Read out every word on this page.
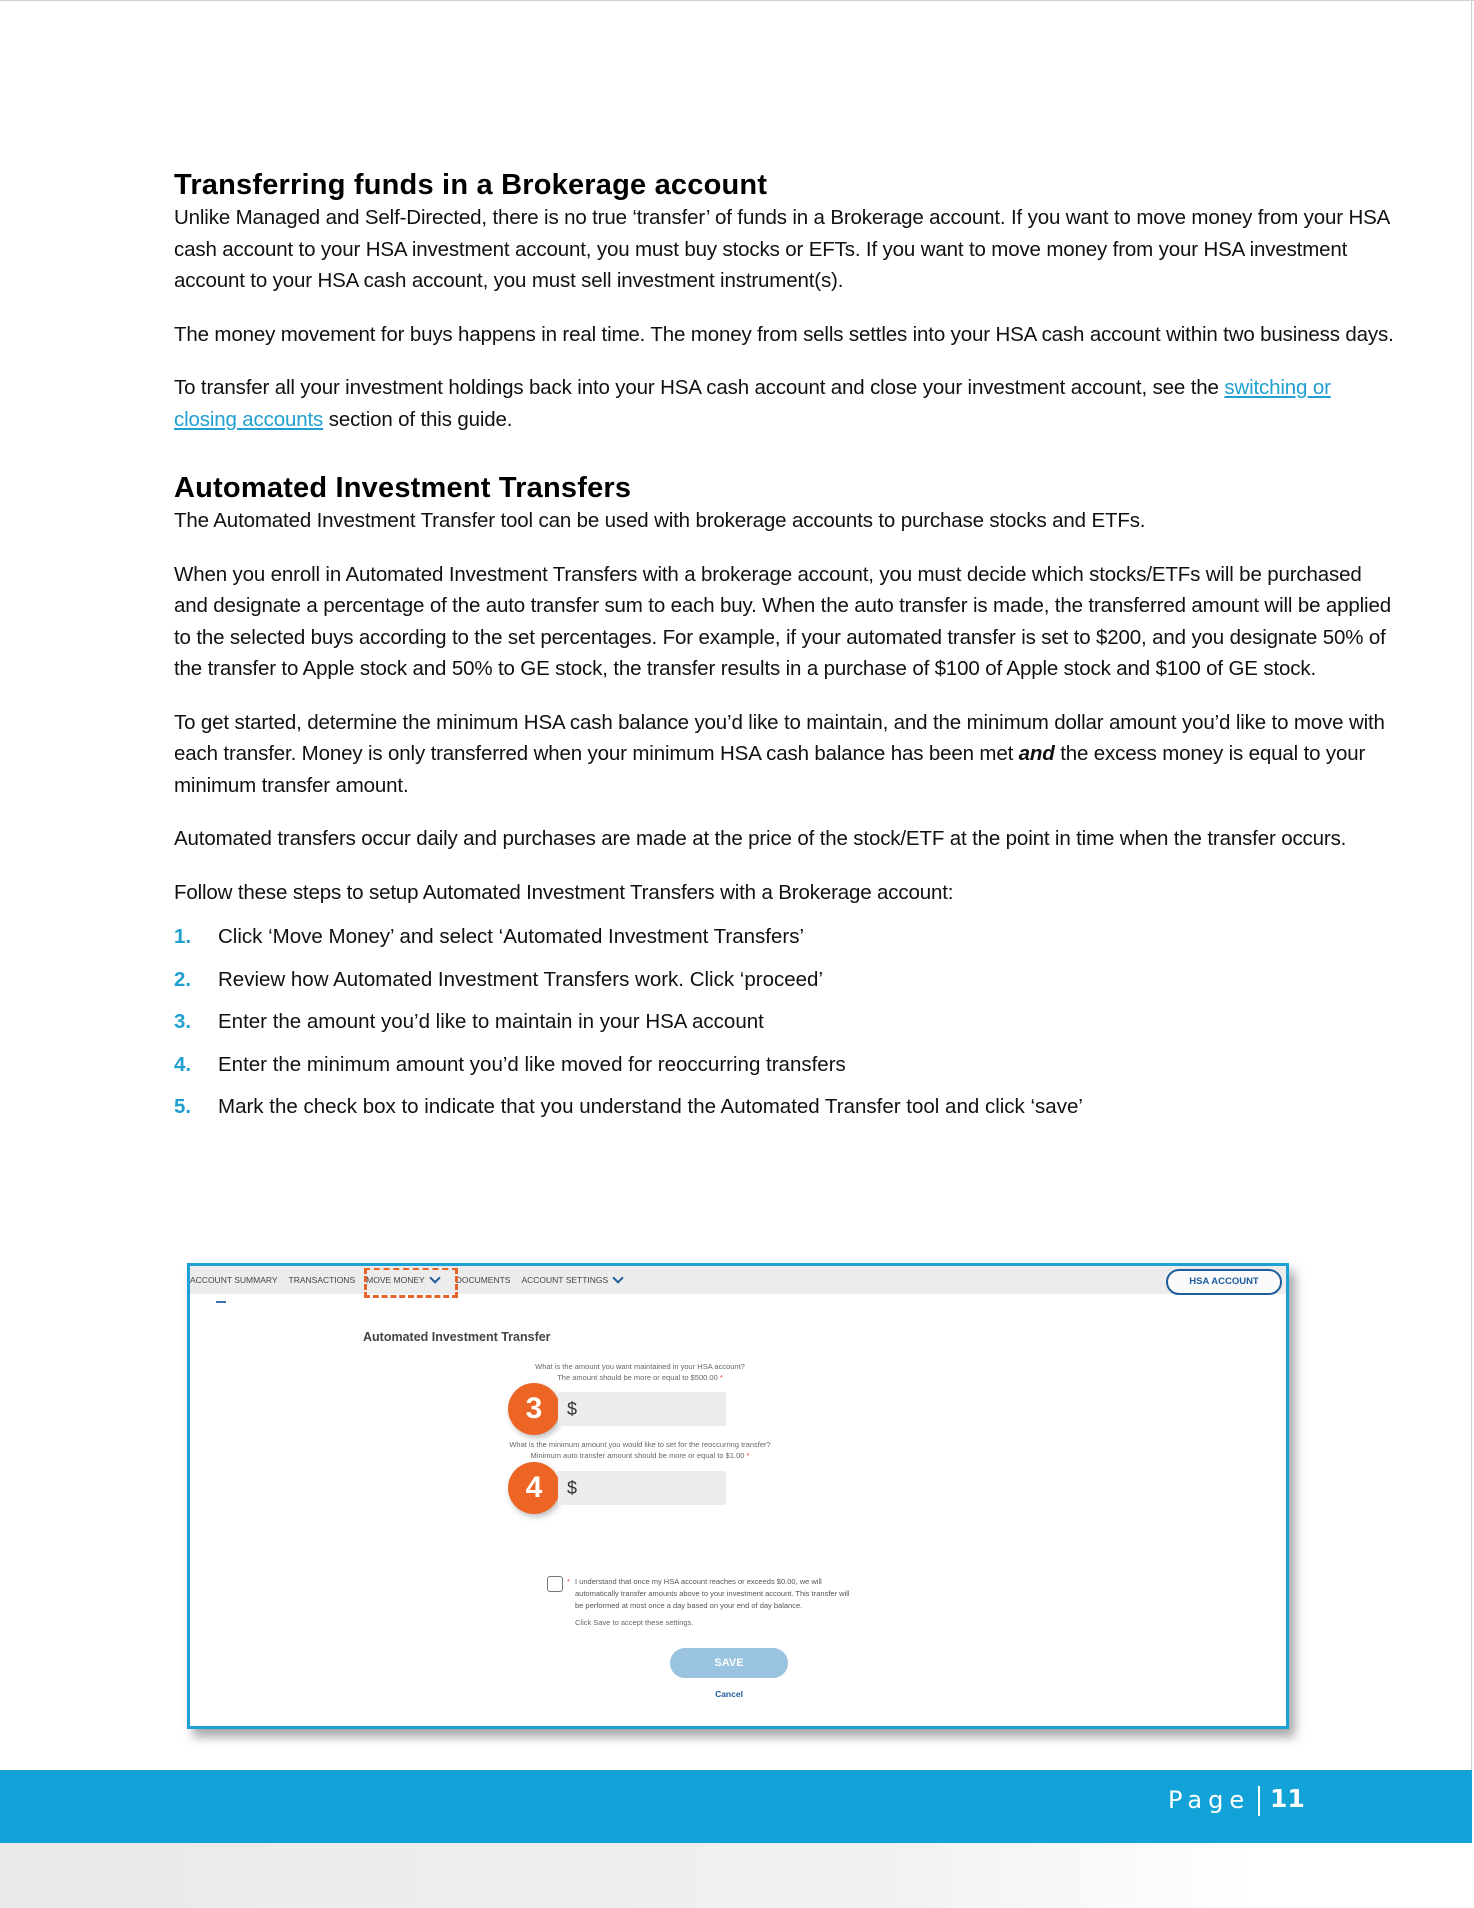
Transferring funds in a Brokerage account

Unlike Managed and Self-Directed, there is no true ‘transfer’ of funds in a Brokerage account. If you want to move money from your HSA cash account to your HSA investment account, you must buy stocks or EFTs. If you want to move money from your HSA investment account to your HSA cash account, you must sell investment instrument(s).

The money movement for buys happens in real time. The money from sells settles into your HSA cash account within two business days.

To transfer all your investment holdings back into your HSA cash account and close your investment account, see the switching or closing accounts section of this guide.

Automated Investment Transfers

The Automated Investment Transfer tool can be used with brokerage accounts to purchase stocks and ETFs.

When you enroll in Automated Investment Transfers with a brokerage account, you must decide which stocks/ETFs will be purchased and designate a percentage of the auto transfer sum to each buy. When the auto transfer is made, the transferred amount will be applied to the selected buys according to the set percentages. For example, if your automated transfer is set to $200, and you designate 50% of the transfer to Apple stock and 50% to GE stock, the transfer results in a purchase of $100 of Apple stock and $100 of GE stock.

To get started, determine the minimum HSA cash balance you’d like to maintain, and the minimum dollar amount you’d like to move with each transfer. Money is only transferred when your minimum HSA cash balance has been met and the excess money is equal to your minimum transfer amount.

Automated transfers occur daily and purchases are made at the price of the stock/ETF at the point in time when the transfer occurs.

Follow these steps to setup Automated Investment Transfers with a Brokerage account:

1.	Click ‘Move Money’ and select ‘Automated Investment Transfers’
2.	Review how Automated Investment Transfers work. Click ‘proceed’
3.	Enter the amount you’d like to maintain in your HSA account
4.	Enter the minimum amount you’d like moved for reoccurring transfers
5.	Mark the check box to indicate that you understand the Automated Transfer tool and click ‘save’
ACCOUNT SUMMARY TRANSACTIONS MOVE MONEY	DOCUMENTS ACCOUNT SETTINGS	HSA ACCOUNT
Automated Investment Transfer
What is the amount you want maintained in your HSA account?
The amount should be more or equal to $500.00 *
3	$
What is the minimum amount you would like to set for the reoccurring transfer?
Minimum auto transfer amount should be more or equal to $1.00 *
4	$
* I understand that once my HSA account reaches or exceeds $0.00, we will automatically transfer amounts above to your investment account. This transfer will be performed at most once a day based on your end of day balance.
Click Save to accept these settings.
SAVE
Cancel
Page 11
